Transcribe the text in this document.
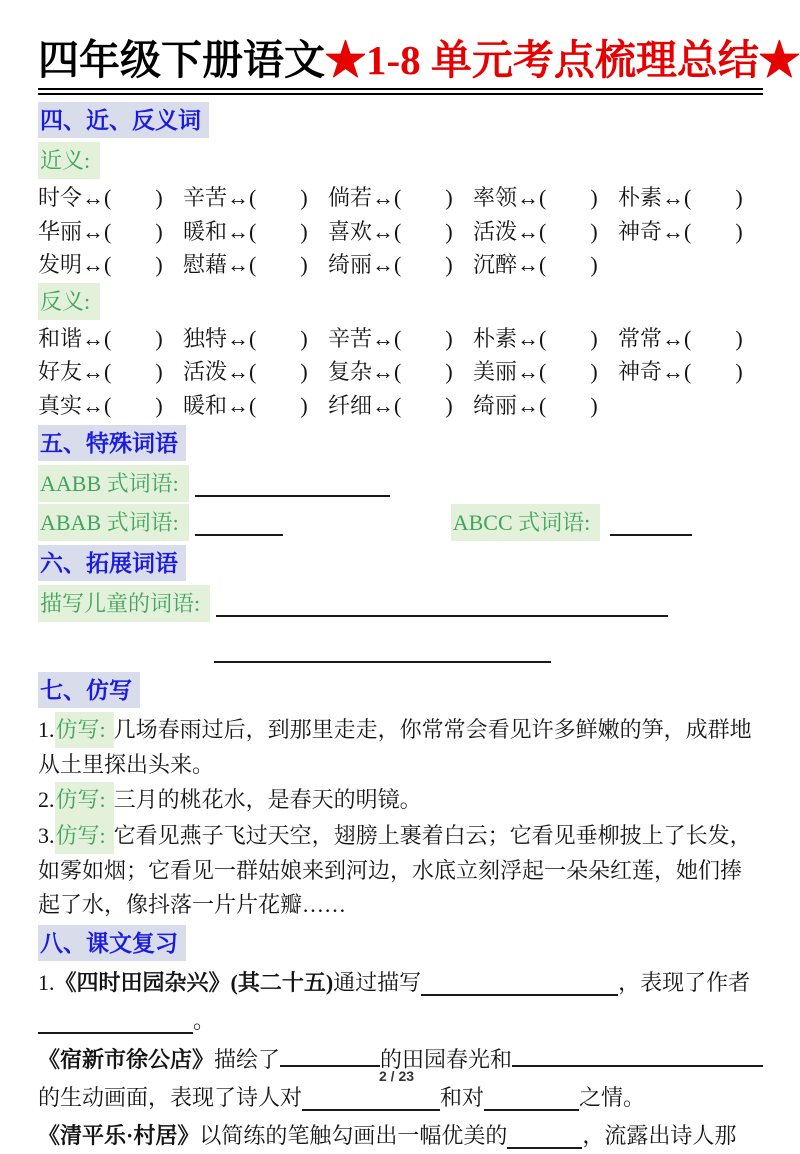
四年级下册语文★1-8 单元考点梳理总结★
四、近、反义词
近义:
时令↔(　　) 辛苦↔(　　) 倘若↔(　　) 率领↔(　　) 朴素↔(　　)
华丽↔(　　) 暖和↔(　　) 喜欢↔(　　) 活泼↔(　　) 神奇↔(　　)
发明↔(　　) 慰藉↔(　　) 绮丽↔(　　) 沉醉↔(　　)
反义:
和谐↔(　　) 独特↔(　　) 辛苦↔(　　) 朴素↔(　　) 常常↔(　　)
好友↔(　　) 活泼↔(　　) 复杂↔(　　) 美丽↔(　　) 神奇↔(　　)
真实↔(　　) 暖和↔(　　) 纤细↔(　　) 绮丽↔(　　)
五、特殊词语
AABB 式词语:
ABAB 式词语:	ABCC 式词语:
六、拓展词语
描写儿童的词语:
七、仿写

1.仿写: 几场春雨过后，到那里走走，你常常会看见许多鲜嫩的笋，成群地从土里探出头来。

2.仿写: 三月的桃花水，是春天的明镜。

3.仿写: 它看见燕子飞过天空，翅膀上裹着白云；它看见垂柳披上了长发，如雾如烟；它看见一群姑娘来到河边，水底立刻浮起一朵朵红莲，她们捧起了水，像抖落一片片花瓣……

八、课文复习
1.《四时田园杂兴》(其二十五)通过描写	，表现了作者
。
《宿新市徐公店》 描绘了	的田园春光和
的生动画面，表现了诗人对	和对	之情。
《清平乐·村居》以简练的笔触勾画出一幅优美的	，流露出诗人那
2 / 23
